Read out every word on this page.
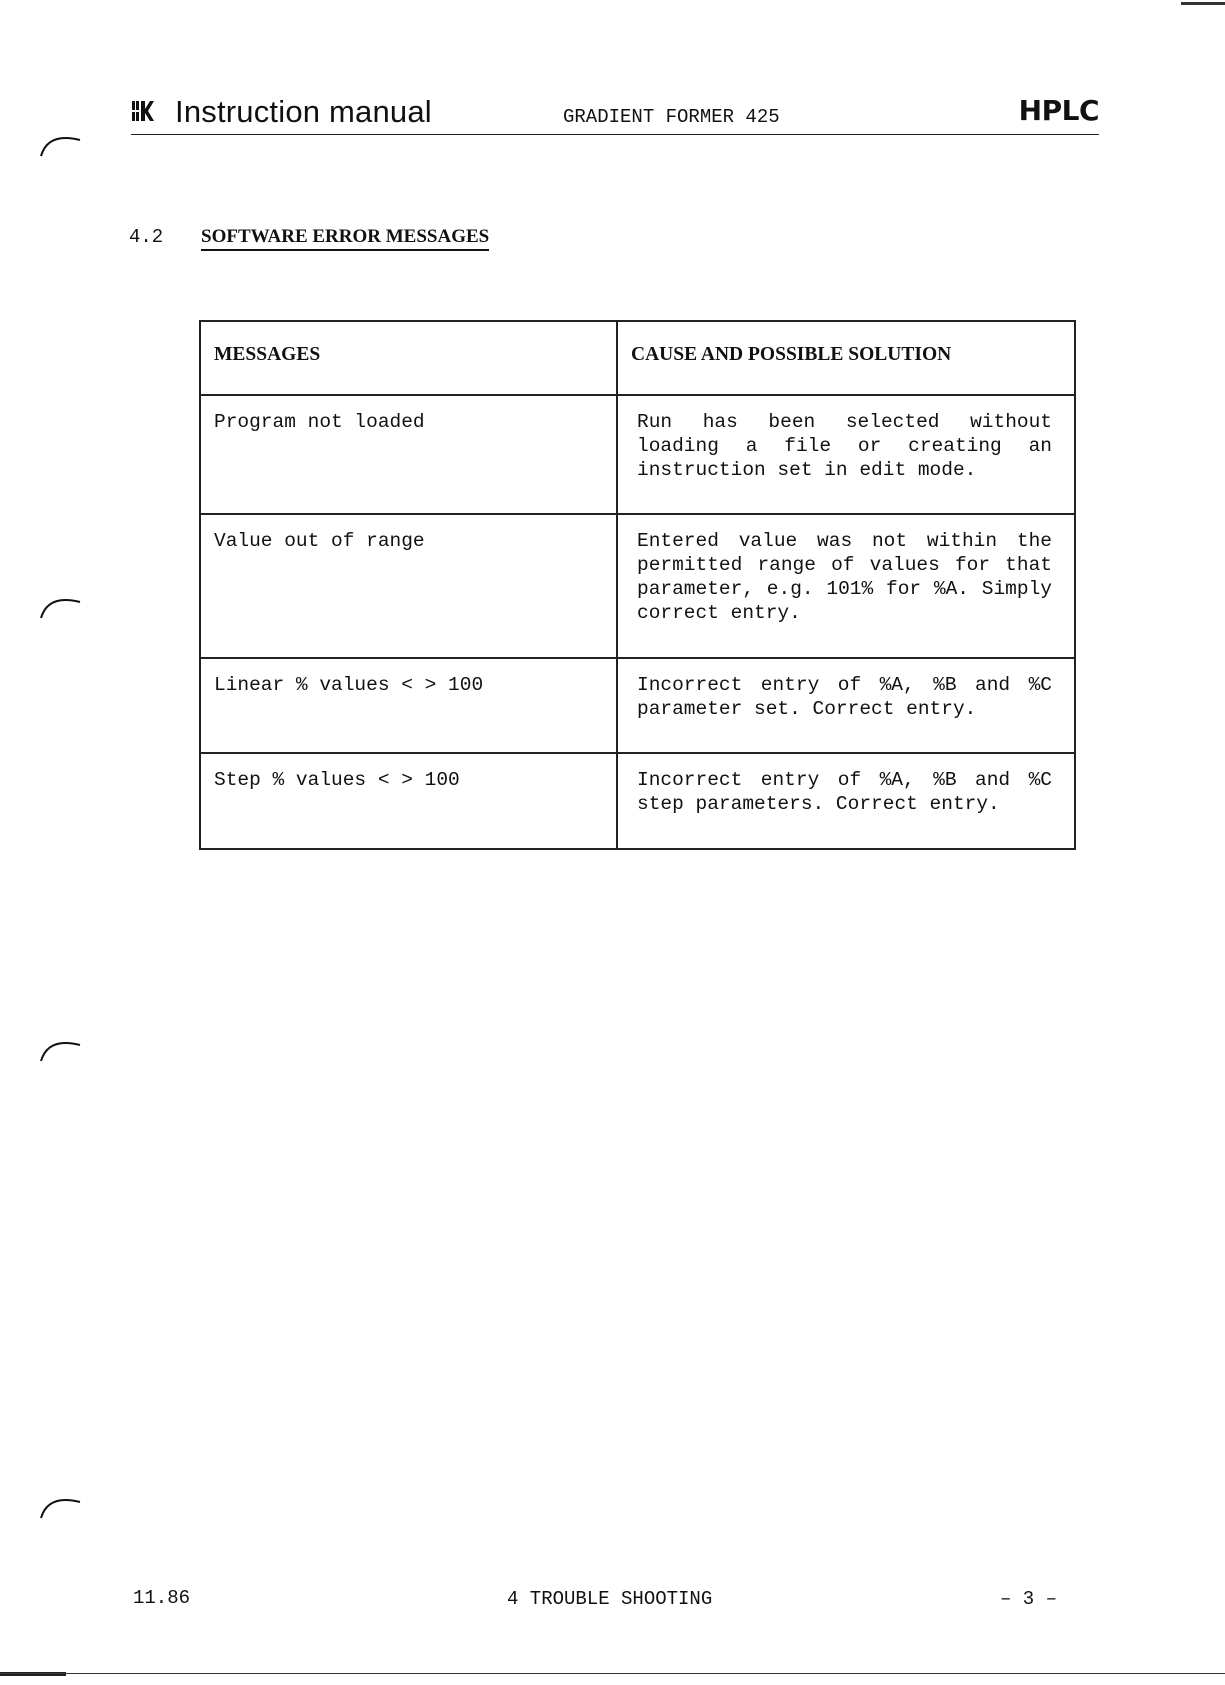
Instruction manual	GRADIENT FORMER 425	HPLC
4.2 SOFTWARE ERROR MESSAGES
MESSAGES	CAUSE AND POSSIBLE SOLUTION
Program not loaded	Run has been selected without loading a file or creating an instruction set in edit mode.
Value out of range	Entered value was not within the permitted range of values for that parameter, e.g. 101% for %A. Simply correct entry.
Linear % values < > 100	Incorrect entry of %A, %B and %C parameter set. Correct entry.
Step % values < > 100	Incorrect entry of %A, %B and %C step parameters. Correct entry.
11.86	4 TROUBLE SHOOTING	– 3 –
